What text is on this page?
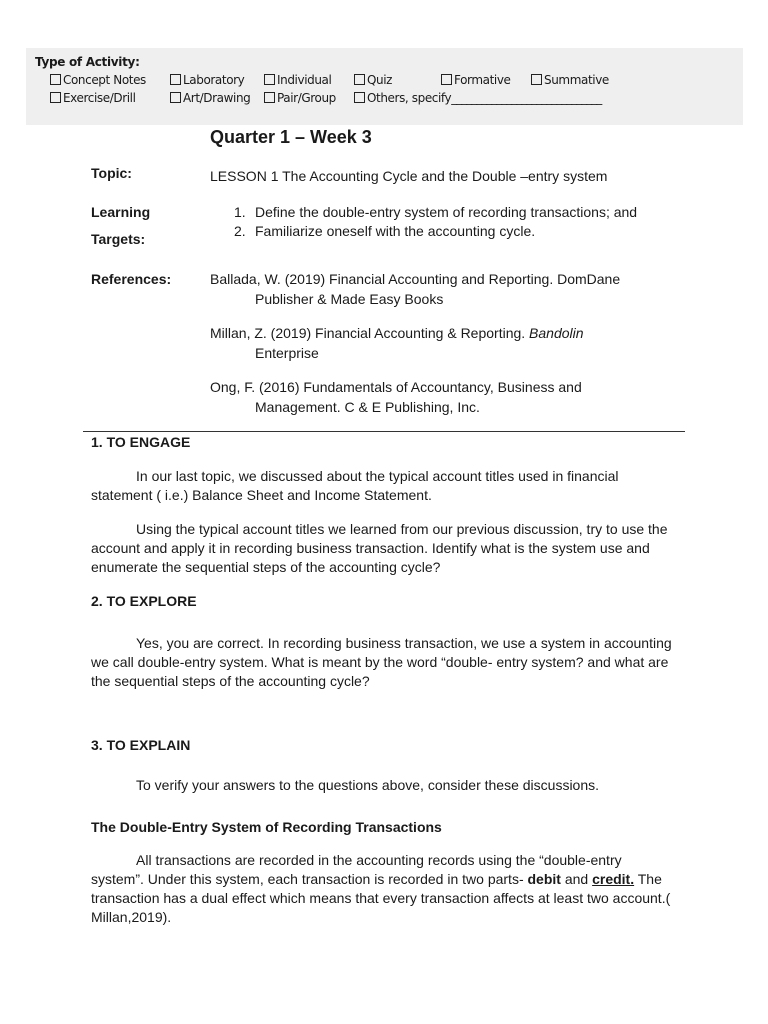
Type of Activity:
Concept Notes	Laboratory	Individual	Quiz	Formative	Summative
Exercise/Drill	Art/Drawing	Pair/Group	Others, specify______________________________
Quarter 1 – Week 3
Topic:	LESSON 1 The Accounting Cycle and the Double –entry system
Learning
Targets:
1. Define the double-entry system of recording transactions; and
2. Familiarize oneself with the accounting cycle.
References:	Ballada, W. (2019) Financial Accounting and Reporting. DomDane
Publisher & Made Easy Books
Millan, Z. (2019) Financial Accounting & Reporting. Bandolin
Enterprise
Ong, F. (2016) Fundamentals of Accountancy, Business and
Management. C & E Publishing, Inc.
1. TO ENGAGE
In our last topic, we discussed about the typical account titles used in financial statement ( i.e.) Balance Sheet and Income Statement.
Using the typical account titles we learned from our previous discussion, try to use the account and apply it in recording business transaction. Identify what is the system use and enumerate the sequential steps of the accounting cycle?
2. TO EXPLORE
Yes, you are correct. In recording business transaction, we use a system in accounting we call double-entry system. What is meant by the word “double- entry system? and what are the sequential steps of the accounting cycle?
3. TO EXPLAIN
To verify your answers to the questions above, consider these discussions.
The Double-Entry System of Recording Transactions
All transactions are recorded in the accounting records using the “double-entry system”. Under this system, each transaction is recorded in two parts- debit and credit. The transaction has a dual effect which means that every transaction affects at least two account.( Millan,2019).
